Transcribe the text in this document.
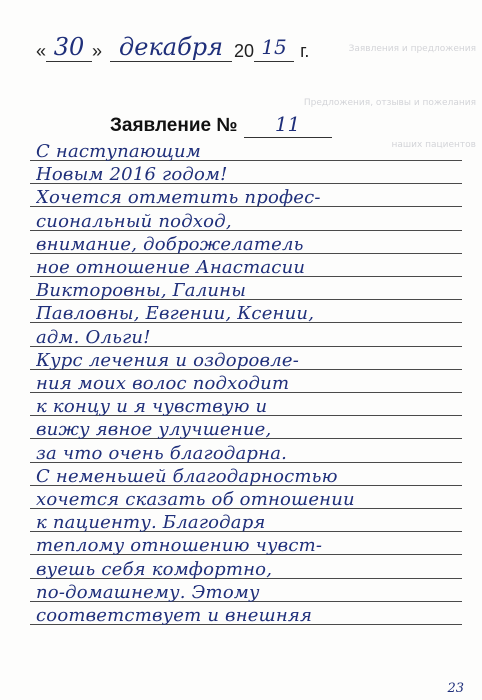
Заявления и предложения
Предложения, отзывы и пожелания
наших пациентов
« 30 » декабря 20 15 г.
Заявление №	11
С наступающим
Новым 2016 годом!
Хочется отметить профес-
сиональный подход,
внимание, доброжелатель
ное отношение Анастасии
Викторовны, Галины
Павловны, Евгении, Ксении,
адм. Ольги!
Курс лечения и оздоровле-
ния моих волос подходит
к концу и я чувствую и
вижу явное улучшение,
за что очень благодарна.
С неменьшей благодарностью
хочется сказать об отношении
к пациенту. Благодаря
теплому отношению чувст-
вуешь себя комфортно,
по-домашнему. Этому
соответствует и внешняя
23
